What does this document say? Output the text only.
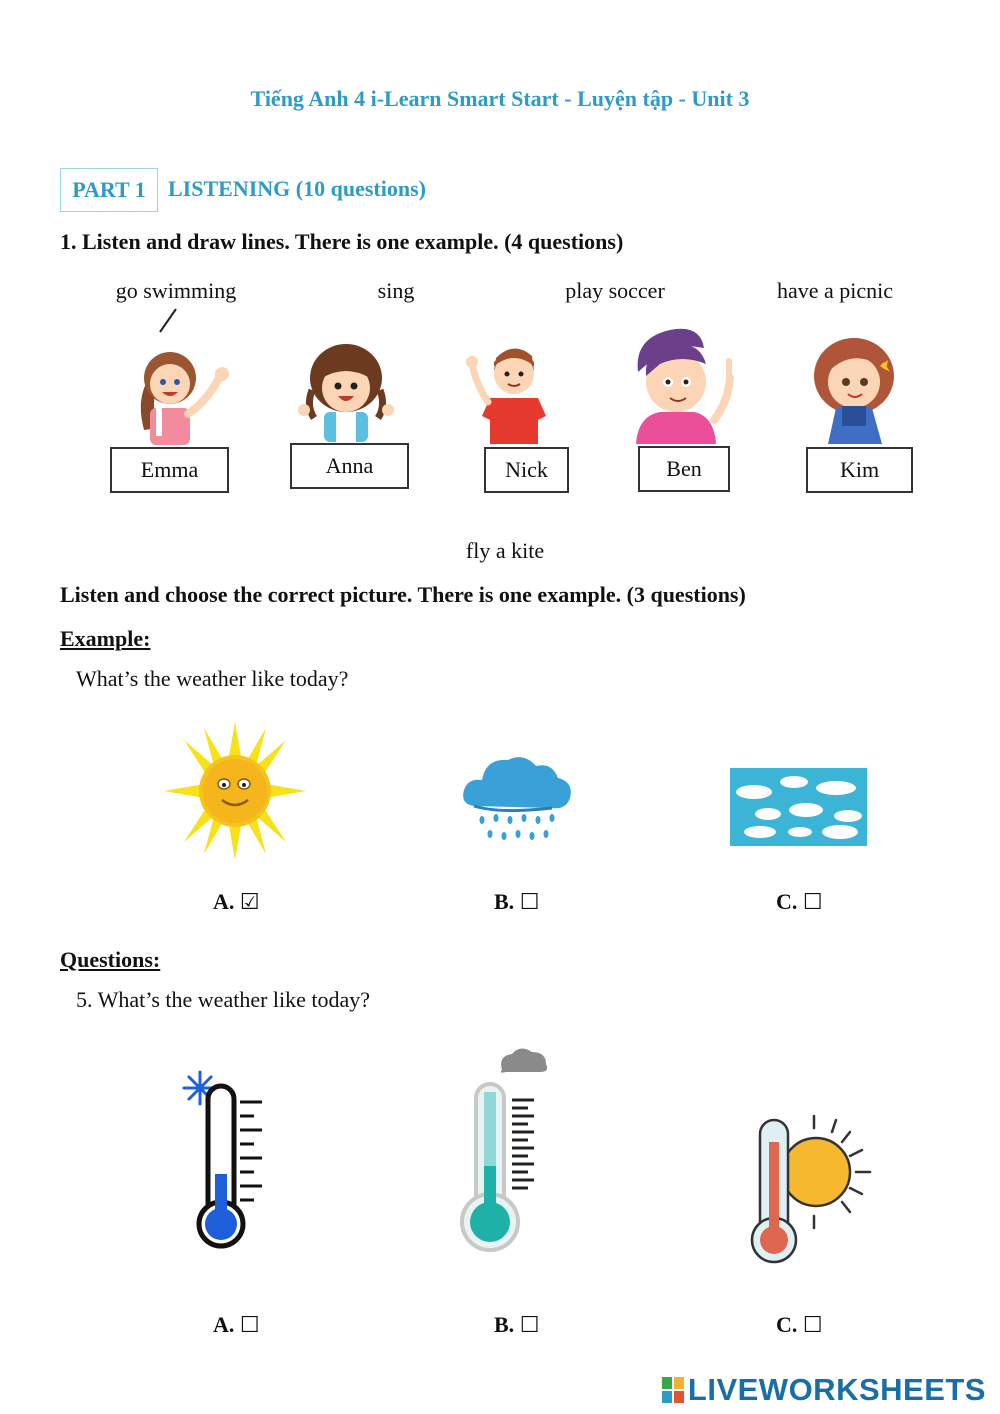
Tiếng Anh 4 i-Learn Smart Start - Luyện tập - Unit 3
PART 1	LISTENING (10 questions)
1. Listen and draw lines. There is one example. (4 questions)
go swimming	sing	play soccer	have a picnic
Emma	Anna	Nick	Ben	Kim
fly a kite
Listen and choose the correct picture. There is one example. (3 questions)
Example:
What’s the weather like today?
A. ☑	B. ☐	C. ☐
Questions:
5. What’s the weather like today?
A. ☐	B. ☐	C. ☐
LIVEWORKSHEETS
